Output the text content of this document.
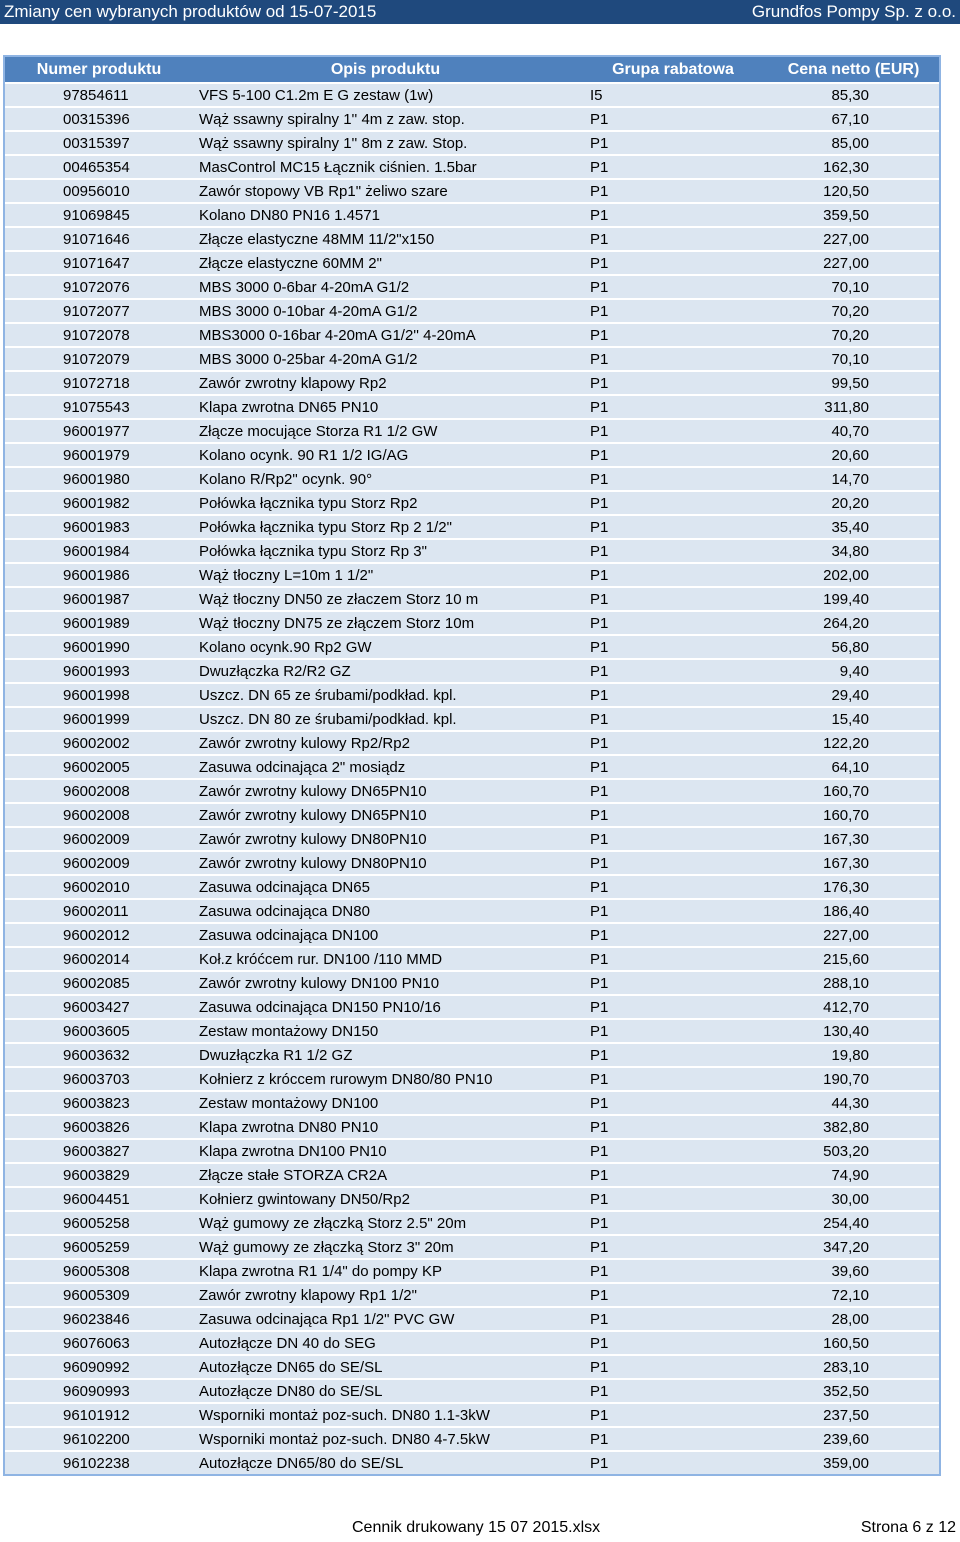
Zmiany cen wybranych produktów od 15-07-2015	Grundfos Pompy Sp. z o.o.
Numer produktu	Opis produktu	Grupa rabatowa	Cena netto (EUR)
97854611	VFS 5-100 C1.2m E G zestaw (1w)	I5	85,30
00315396	Wąż ssawny spiralny 1'' 4m z zaw. stop.	P1	67,10
00315397	Wąż ssawny spiralny 1'' 8m z zaw. Stop.	P1	85,00
00465354	MasControl MC15 Łącznik ciśnien. 1.5bar	P1	162,30
00956010	Zawór stopowy VB Rp1" żeliwo szare	P1	120,50
91069845	Kolano DN80 PN16 1.4571	P1	359,50
91071646	Złącze elastyczne 48MM 11/2"x150	P1	227,00
91071647	Złącze elastyczne 60MM 2"	P1	227,00
91072076	MBS 3000 0-6bar 4-20mA G1/2	P1	70,10
91072077	MBS 3000 0-10bar 4-20mA G1/2	P1	70,20
91072078	MBS3000 0-16bar 4-20mA G1/2'' 4-20mA	P1	70,20
91072079	MBS 3000 0-25bar 4-20mA G1/2	P1	70,10
91072718	Zawór zwrotny klapowy Rp2	P1	99,50
91075543	Klapa zwrotna DN65 PN10	P1	311,80
96001977	Złącze mocujące Storza R1 1/2 GW	P1	40,70
96001979	Kolano ocynk. 90 R1 1/2 IG/AG	P1	20,60
96001980	Kolano R/Rp2" ocynk. 90°	P1	14,70
96001982	Połówka łącznika typu Storz Rp2	P1	20,20
96001983	Połówka łącznika typu Storz Rp 2 1/2"	P1	35,40
96001984	Połówka łącznika typu Storz Rp 3"	P1	34,80
96001986	Wąż tłoczny L=10m 1 1/2"	P1	202,00
96001987	Wąż tłoczny DN50 ze złaczem Storz 10 m	P1	199,40
96001989	Wąż tłoczny DN75 ze złączem Storz 10m	P1	264,20
96001990	Kolano ocynk.90 Rp2 GW	P1	56,80
96001993	Dwuzłączka R2/R2 GZ	P1	9,40
96001998	Uszcz. DN 65 ze śrubami/podkład. kpl.	P1	29,40
96001999	Uszcz. DN 80 ze śrubami/podkład. kpl.	P1	15,40
96002002	Zawór zwrotny kulowy Rp2/Rp2	P1	122,20
96002005	Zasuwa odcinająca 2" mosiądz	P1	64,10
96002008	Zawór zwrotny kulowy DN65PN10	P1	160,70
96002008	Zawór zwrotny kulowy DN65PN10	P1	160,70
96002009	Zawór zwrotny kulowy DN80PN10	P1	167,30
96002009	Zawór zwrotny kulowy DN80PN10	P1	167,30
96002010	Zasuwa odcinająca DN65	P1	176,30
96002011	Zasuwa odcinająca DN80	P1	186,40
96002012	Zasuwa odcinająca DN100	P1	227,00
96002014	Koł.z króćcem rur. DN100 /110 MMD	P1	215,60
96002085	Zawór zwrotny kulowy DN100 PN10	P1	288,10
96003427	Zasuwa odcinająca DN150 PN10/16	P1	412,70
96003605	Zestaw montażowy DN150	P1	130,40
96003632	Dwuzłączka R1 1/2 GZ	P1	19,80
96003703	Kołnierz z króccem rurowym DN80/80 PN10	P1	190,70
96003823	Zestaw montażowy DN100	P1	44,30
96003826	Klapa zwrotna DN80 PN10	P1	382,80
96003827	Klapa zwrotna DN100 PN10	P1	503,20
96003829	Złącze stałe STORZA CR2A	P1	74,90
96004451	Kołnierz gwintowany DN50/Rp2	P1	30,00
96005258	Wąż gumowy ze złączką Storz 2.5" 20m	P1	254,40
96005259	Wąż gumowy ze złączką Storz 3" 20m	P1	347,20
96005308	Klapa zwrotna R1 1/4" do pompy KP	P1	39,60
96005309	Zawór zwrotny klapowy Rp1 1/2"	P1	72,10
96023846	Zasuwa odcinająca Rp1 1/2" PVC GW	P1	28,00
96076063	Autozłącze DN 40 do SEG	P1	160,50
96090992	Autozłącze DN65 do SE/SL	P1	283,10
96090993	Autozłącze DN80 do SE/SL	P1	352,50
96101912	Wsporniki montaż poz-such. DN80 1.1-3kW	P1	237,50
96102200	Wsporniki montaż poz-such. DN80 4-7.5kW	P1	239,60
96102238	Autozłącze DN65/80 do SE/SL	P1	359,00
Cennik drukowany 15 07 2015.xlsx	Strona 6 z 12
